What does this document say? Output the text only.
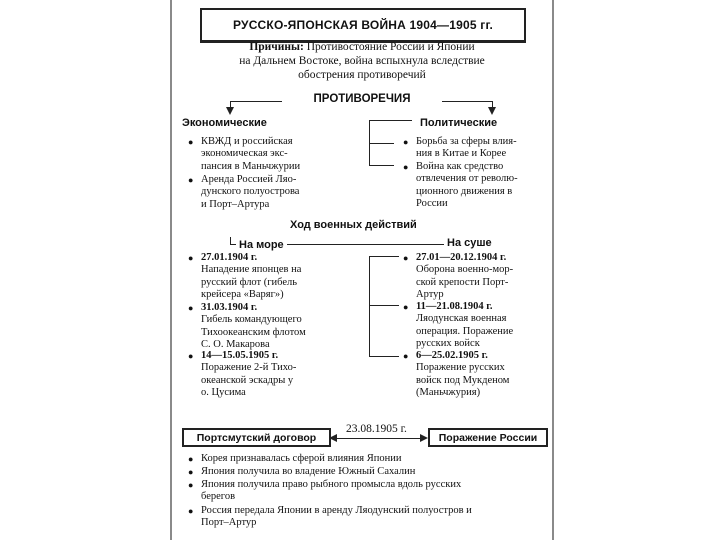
РУССКО-ЯПОНСКАЯ ВОЙНА 1904—1905 гг.
Причины: Противостояние России и Японии
на Дальнем Востоке, война вспыхнула вследствие
обострения противоречий
ПРОТИВОРЕЧИЯ
Экономические
● КВЖД и российская
экономическая экс-
пансия в Маньчжурии
● Аренда Россией Ляо-
дунского полуострова
и Порт–Артура
Политические
● Борьба за сферы влия-
ния в Китае и Корее
● Война как средство
отвлечения от револю-
ционного движения в
России
Ход военных действий
На море	На суше
● 27.01.1904 г.
Нападение японцев на
русский флот (гибель
крейсера «Варяг»)
● 31.03.1904 г.
Гибель командующего
Тихоокеанским флотом
С. О. Макарова
● 14—15.05.1905 г.
Поражение 2-й Тихо-
океанской эскадры у
о. Цусима
● 27.01—20.12.1904 г.
Оборона военно-мор-
ской крепости Порт-
Артур
● 11—21.08.1904 г.
Ляодунская военная
операция. Поражение
русских войск
● 6—25.02.1905 г.
Поражение русских
войск под Мукденом
(Маньчжурия)
Портсмутский договор
23.08.1905 г.
Поражение России
● Корея признавалась сферой влияния Японии
● Япония получила во владение Южный Сахалин
● Япония получила право рыбного промысла вдоль русских
берегов
● Россия передала Японии в аренду Ляодунский полуостров и
Порт–Артур
